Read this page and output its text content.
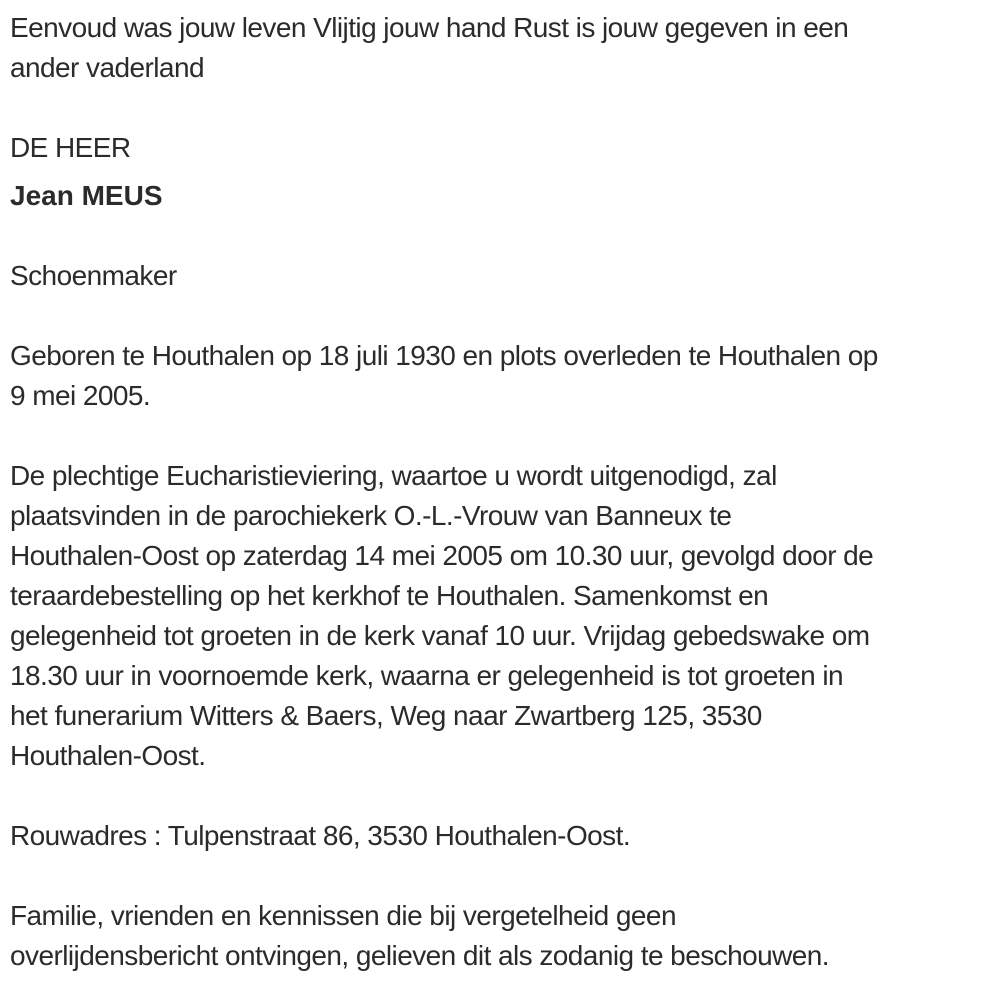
Eenvoud was jouw leven Vlijtig jouw hand Rust is jouw gegeven in een
ander vaderland
DE HEER
Jean MEUS
Schoenmaker
Geboren te Houthalen op 18 juli 1930 en plots overleden te Houthalen op
9 mei 2005.
De plechtige Eucharistieviering, waartoe u wordt uitgenodigd, zal
plaatsvinden in de parochiekerk O.-L.-Vrouw van Banneux te
Houthalen-Oost op zaterdag 14 mei 2005 om 10.30 uur, gevolgd door de
teraardebestelling op het kerkhof te Houthalen. Samenkomst en
gelegenheid tot groeten in de kerk vanaf 10 uur. Vrijdag gebedswake om
18.30 uur in voornoemde kerk, waarna er gelegenheid is tot groeten in
het funerarium Witters & Baers, Weg naar Zwartberg 125, 3530
Houthalen-Oost.
Rouwadres : Tulpenstraat 86, 3530 Houthalen-Oost.
Familie, vrienden en kennissen die bij vergetelheid geen
overlijdensbericht ontvingen, gelieven dit als zodanig te beschouwen.
